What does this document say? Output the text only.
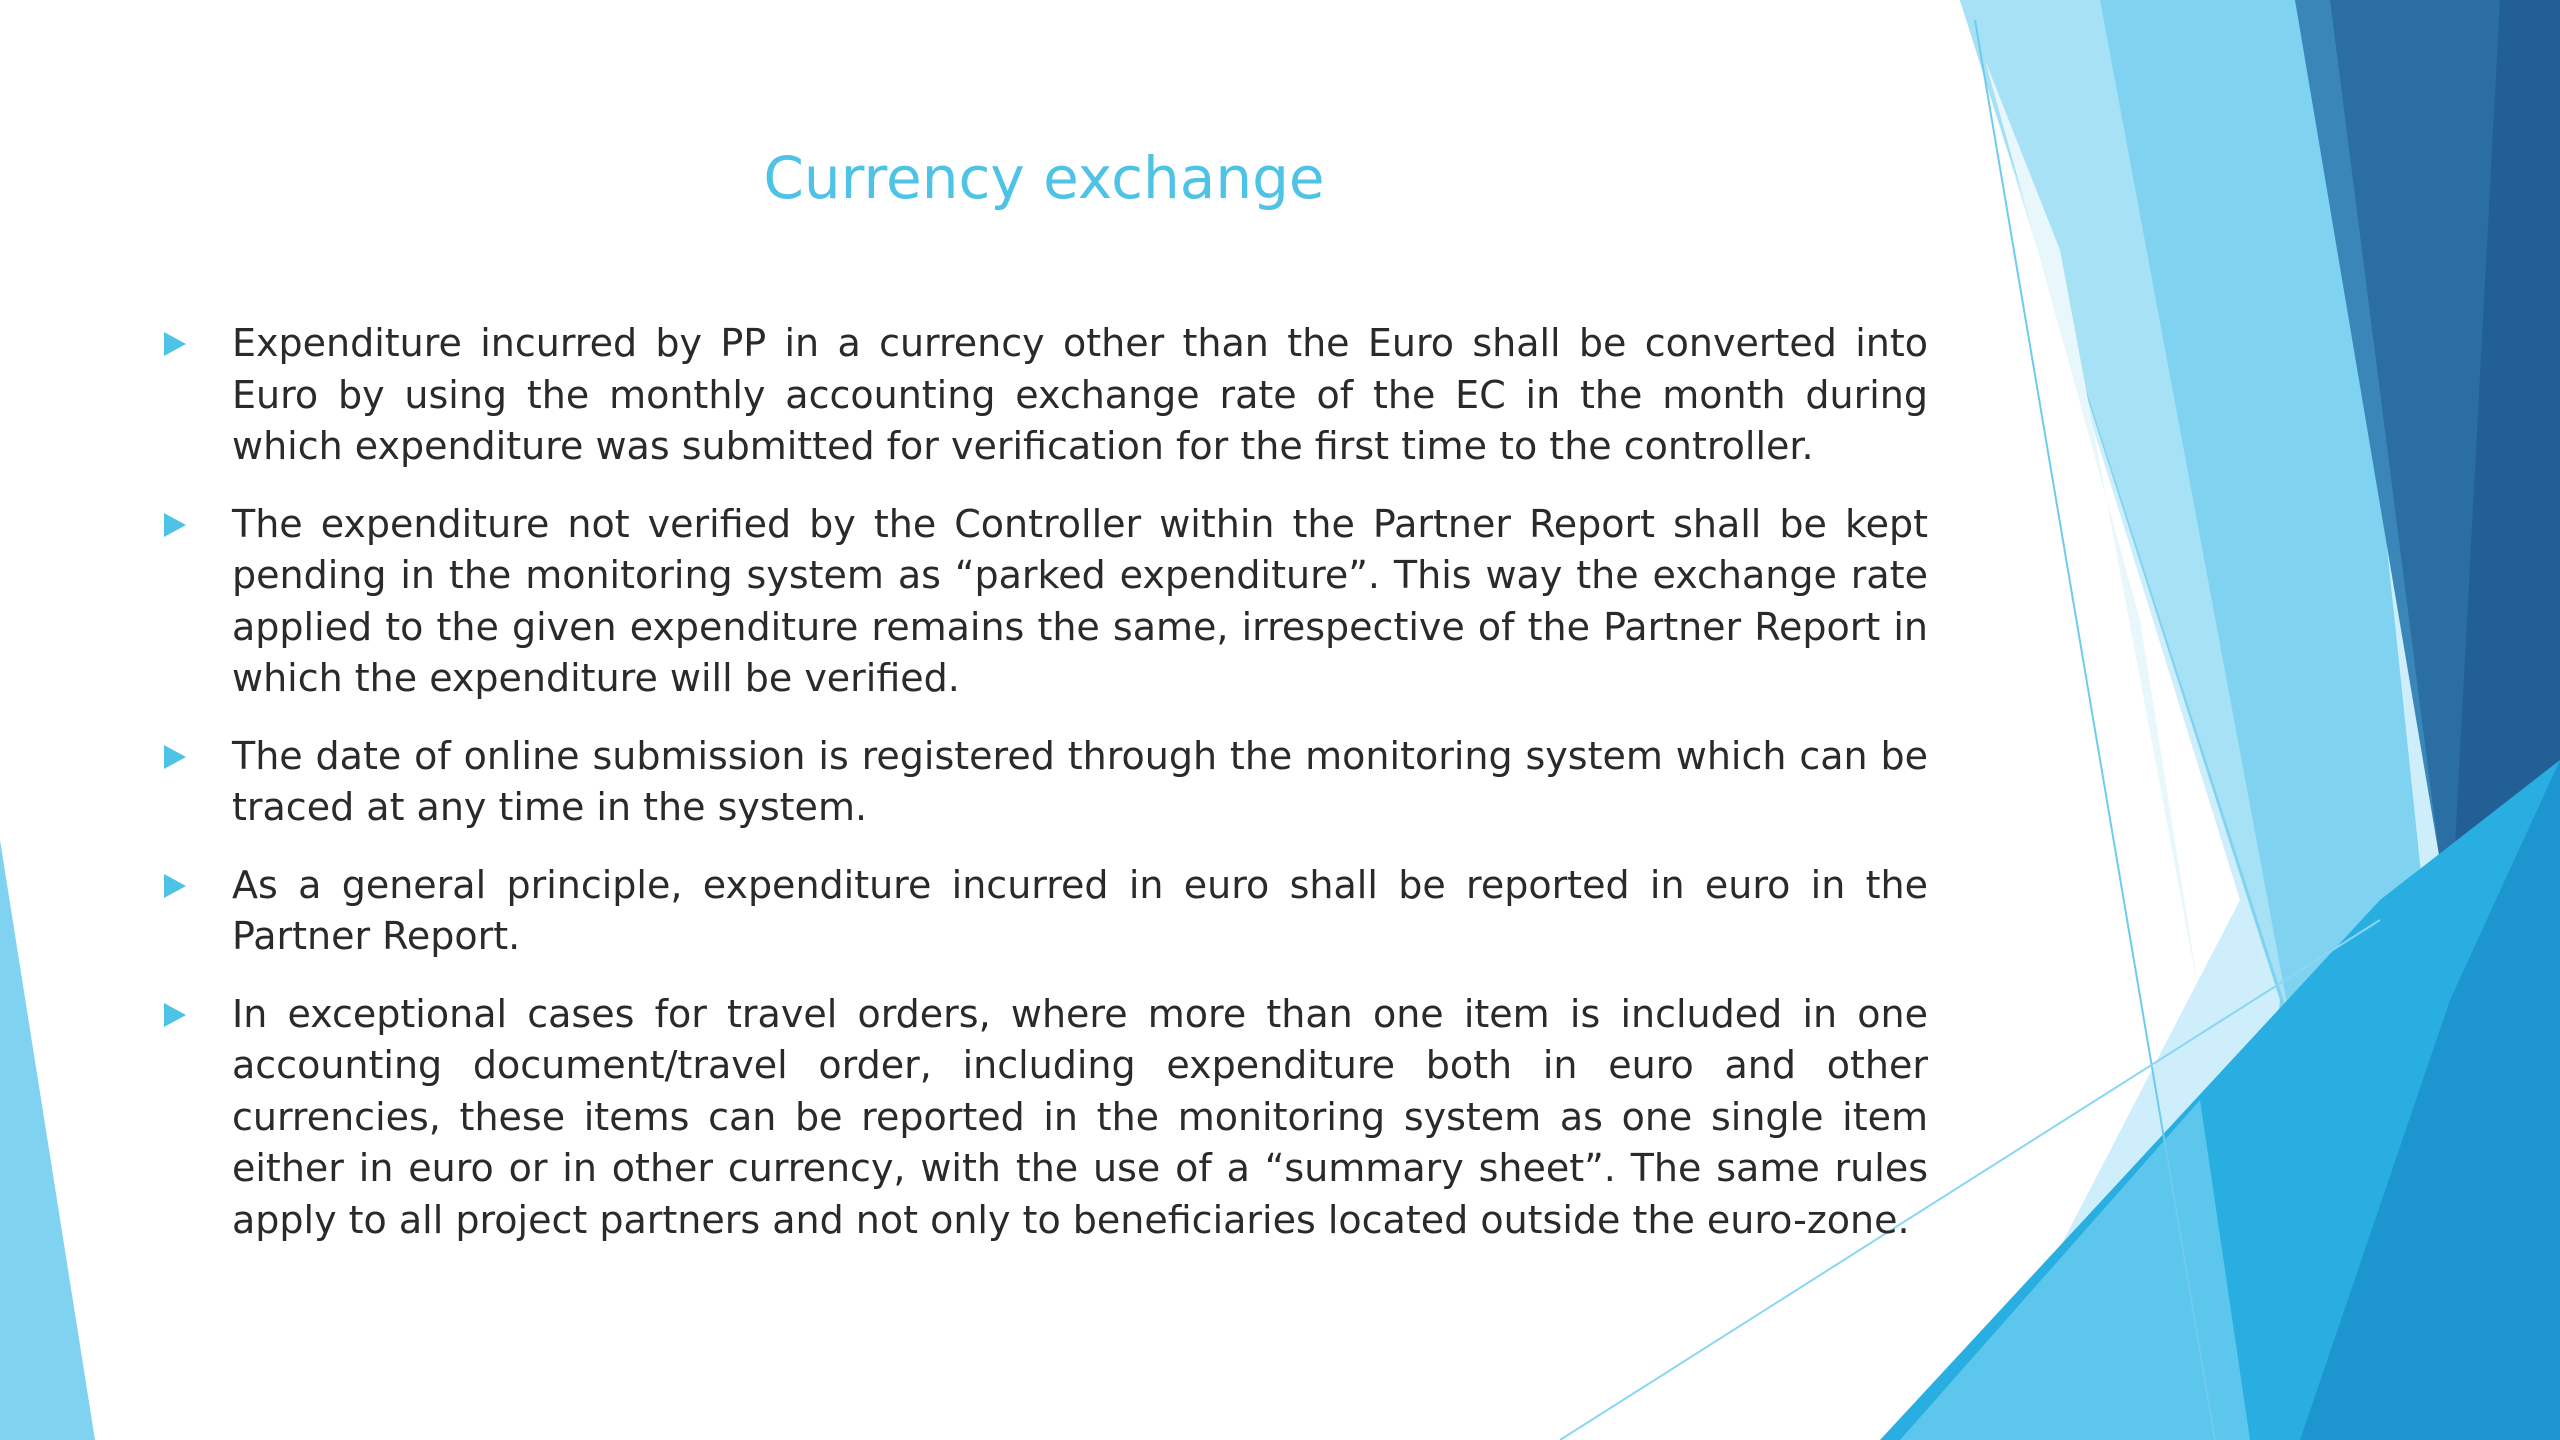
Currency exchange
Expenditure incurred by PP in a currency other than the Euro shall be converted into Euro by using the monthly accounting exchange rate of the EC in the month during which expenditure was submitted for verification for the first time to the controller.
The expenditure not verified by the Controller within the Partner Report shall be kept pending in the monitoring system as “parked expenditure”. This way the exchange rate applied to the given expenditure remains the same, irrespective of the Partner Report in which the expenditure will be verified.
The date of online submission is registered through the monitoring system which can be traced at any time in the system.
As a general principle, expenditure incurred in euro shall be reported in euro in the Partner Report.
In exceptional cases for travel orders, where more than one item is included in one accounting document/travel order, including expenditure both in euro and other currencies, these items can be reported in the monitoring system as one single item either in euro or in other currency, with the use of a “summary sheet”. The same rules apply to all project partners and not only to beneficiaries located outside the euro-zone.
